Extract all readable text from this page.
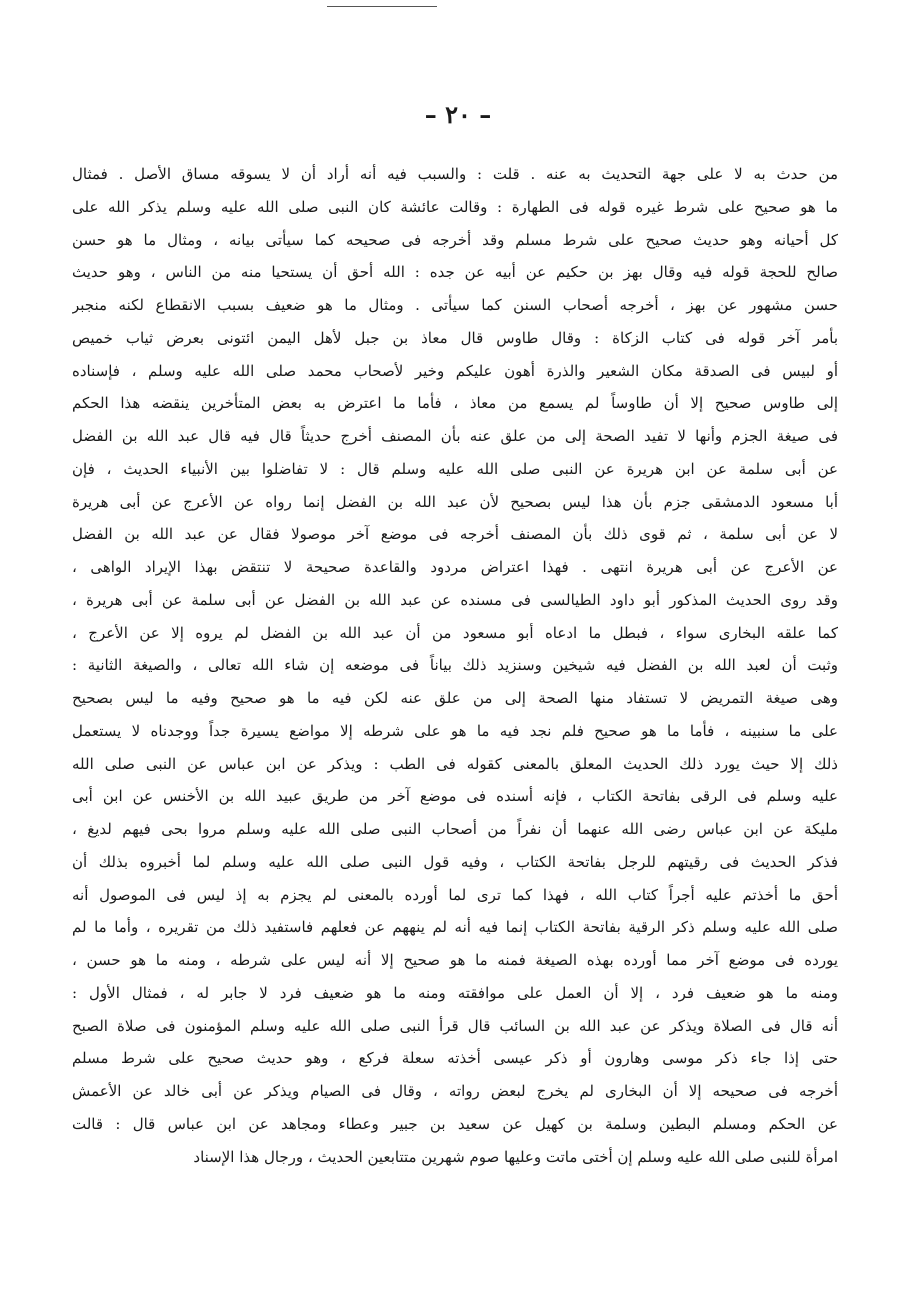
– ٢٠ –
من حدث به لا على جهة التحديث به عنه . قلت : والسبب فيه أنه أراد أن لا يسوقه مساق الأصل . فمثال
ما هو صحيح على شرط غيره قوله فى الطهارة : وقالت عائشة كان النبى صلى الله عليه وسلم يذكر الله على
كل أحيانه وهو حديث صحيح على شرط مسلم وقد أخرجه فى صحيحه كما سيأتى بيانه ، ومثال ما هو حسن
صالح للحجة قوله فيه وقال بهز بن حكيم عن أبيه عن جده : الله أحق أن يستحيا منه من الناس ، وهو حديث
حسن مشهور عن بهز ، أخرجه أصحاب السنن كما سيأتى . ومثال ما هو ضعيف بسبب الانقطاع لكنه منجبر
بأمر آخر قوله فى كتاب الزكاة : وقال طاوس قال معاذ بن جبل لأهل اليمن ائتونى بعرض ثياب خميص
أو لبيس فى الصدقة مكان الشعير والذرة أهون عليكم وخير لأصحاب محمد صلى الله عليه وسلم ، فإسناده
إلى طاوس صحيح إلا أن طاوساً لم يسمع من معاذ ، فأما ما اعترض به بعض المتأخرين ينقضه هذا الحكم
فى صيغة الجزم وأنها لا تفيد الصحة إلى من علق عنه بأن المصنف أخرج حديثاً قال فيه قال عبد الله بن الفضل
عن أبى سلمة عن ابن هريرة عن النبى صلى الله عليه وسلم قال : لا تفاضلوا بين الأنبياء الحديث ، فإن
أبا مسعود الدمشقى جزم بأن هذا ليس بصحيح لأن عبد الله بن الفضل إنما رواه عن الأعرج عن أبى هريرة
لا عن أبى سلمة ، ثم قوى ذلك بأن المصنف أخرجه فى موضع آخر موصولا فقال عن عبد الله بن الفضل
عن الأعرج عن أبى هريرة انتهى . فهذا اعتراض مردود والقاعدة صحيحة لا تنتقض بهذا الإيراد الواهى ،
وقد روى الحديث المذكور أبو داود الطيالسى فى مسنده عن عبد الله بن الفضل عن أبى سلمة عن أبى هريرة ،
كما علقه البخارى سواء ، فبطل ما ادعاه أبو مسعود من أن عبد الله بن الفضل لم يروه إلا عن الأعرج ،
وثبت أن لعبد الله بن الفضل فيه شيخين وسنزيد ذلك بياناً فى موضعه إن شاء الله تعالى ، والصيغة الثانية :
وهى صيغة التمريض لا تستفاد منها الصحة إلى من علق عنه لكن فيه ما هو صحيح وفيه ما ليس بصحيح
على ما سنبينه ، فأما ما هو صحيح فلم نجد فيه ما هو على شرطه إلا مواضع يسيرة جداً ووجدناه لا يستعمل
ذلك إلا حيث يورد ذلك الحديث المعلق بالمعنى كقوله فى الطب : ويذكر عن ابن عباس عن النبى صلى الله
عليه وسلم فى الرقى بفاتحة الكتاب ، فإنه أسنده فى موضع آخر من طريق عبيد الله بن الأخنس عن ابن أبى
مليكة عن ابن عباس رضى الله عنهما أن نفراً من أصحاب النبى صلى الله عليه وسلم مروا بحى فيهم لديغ ،
فذكر الحديث فى رقيتهم للرجل بفاتحة الكتاب ، وفيه قول النبى صلى الله عليه وسلم لما أخبروه بذلك أن
أحق ما أخذتم عليه أجراً كتاب الله ، فهذا كما ترى لما أورده بالمعنى لم يجزم به إذ ليس فى الموصول أنه
صلى الله عليه وسلم ذكر الرقية بفاتحة الكتاب إنما فيه أنه لم ينههم عن فعلهم فاستفيد ذلك من تقريره ، وأما ما لم
يورده فى موضع آخر مما أورده بهذه الصيغة فمنه ما هو صحيح إلا أنه ليس على شرطه ، ومنه ما هو حسن ،
ومنه ما هو ضعيف فرد ، إلا أن العمل على موافقته ومنه ما هو ضعيف فرد لا جابر له ، فمثال الأول :
أنه قال فى الصلاة ويذكر عن عبد الله بن السائب قال قرأ النبى صلى الله عليه وسلم المؤمنون فى صلاة الصبح
حتى إذا جاء ذكر موسى وهارون أو ذكر عيسى أخذته سعلة فركع ، وهو حديث صحيح على شرط مسلم
أخرجه فى صحيحه إلا أن البخارى لم يخرج لبعض رواته ، وقال فى الصيام ويذكر عن أبى خالد عن الأعمش
عن الحكم ومسلم البطين وسلمة بن كهيل عن سعيد بن جبير وعطاء ومجاهد عن ابن عباس قال : قالت
امرأة للنبى صلى الله عليه وسلم إن أختى ماتت وعليها صوم شهرين متتابعين الحديث ، ورجال هذا الإسناد
